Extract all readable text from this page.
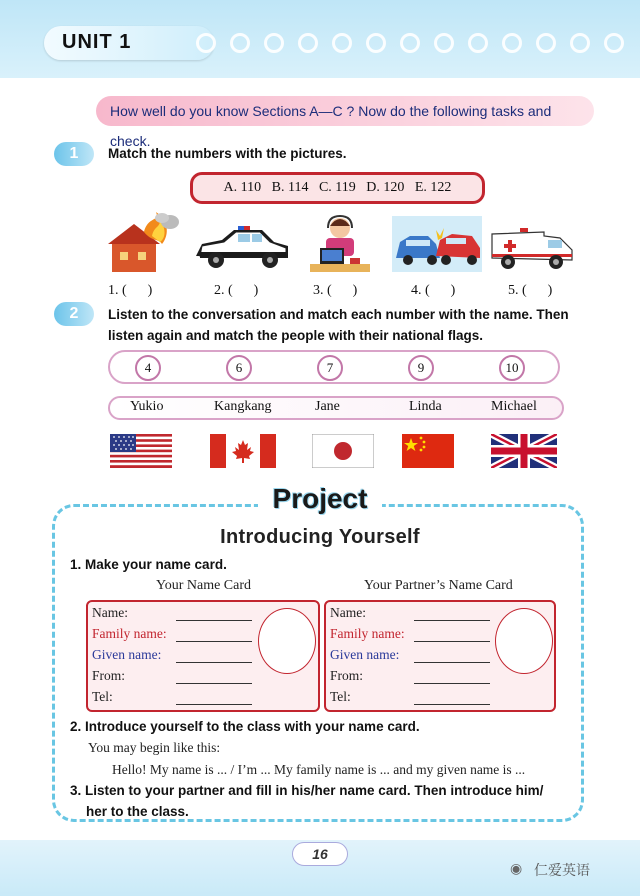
UNIT 1
How well do you know Sections A—C ? Now do the following tasks and check.
1	Match the numbers with the pictures.
A. 110   B. 114   C. 119   D. 120   E. 122
1. (      )	2. (      )	3. (      )	4. (      )	5. (      )
2	Listen to the conversation and match each number with the name. Then
listen again and match the people with their national flags.
4	6	7	9	10
Yukio	Kangkang	Jane	Linda	Michael
Project
Introducing Yourself
1. Make your name card.
Your Name Card	Your Partner’s Name Card
Name:
Family name:
Given name:
From:
Tel:
Name:
Family name:
Given name:
From:
Tel:
2. Introduce yourself to the class with your name card.
You may begin like this:
Hello! My name is ... / I’m ... My family name is ... and my given name is ...
3. Listen to your partner and fill in his/her name card. Then introduce him/
her to the class.
16
◉ 仁爱英语
